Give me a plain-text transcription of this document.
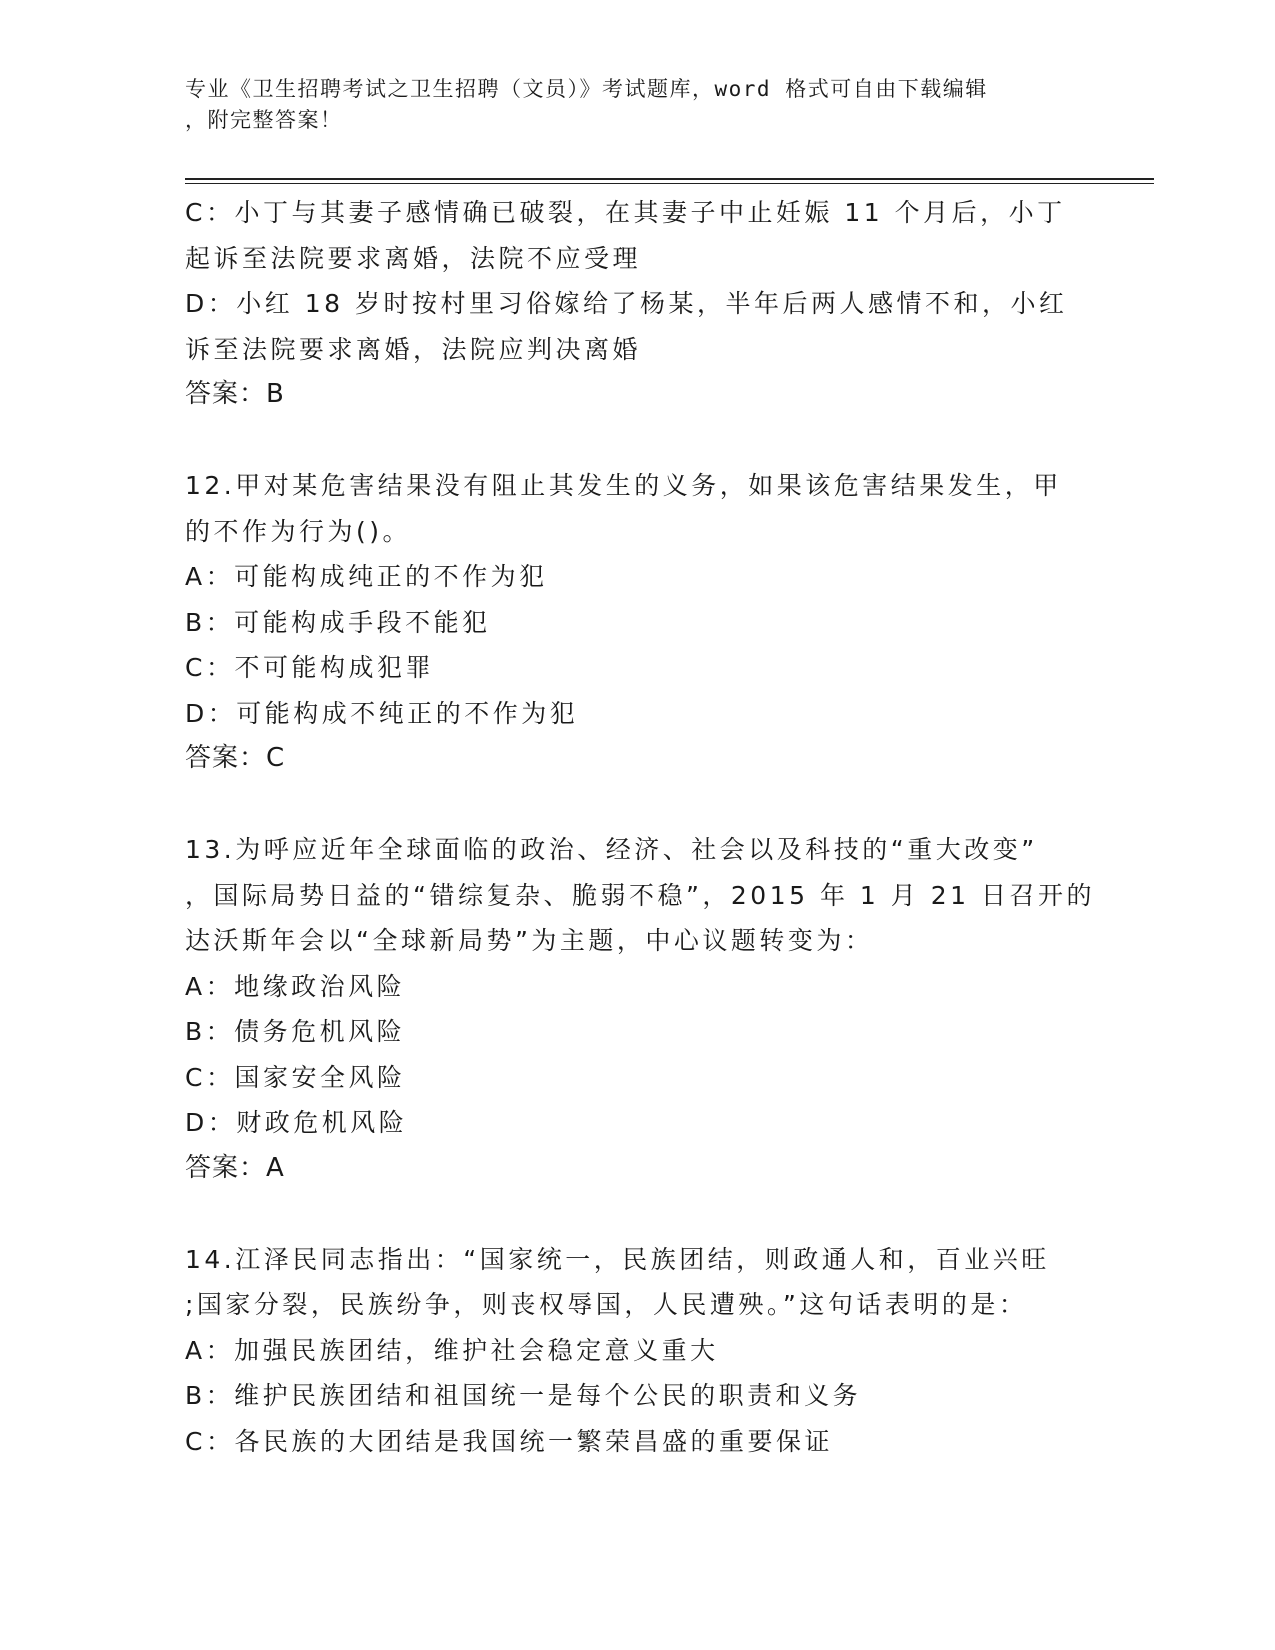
专业《卫生招聘考试之卫生招聘（文员）》考试题库，word 格式可自由下载编辑
，附完整答案！
C：小丁与其妻子感情确已破裂，在其妻子中止妊娠 11 个月后，小丁
起诉至法院要求离婚，法院不应受理
D：小红 18 岁时按村里习俗嫁给了杨某，半年后两人感情不和，小红
诉至法院要求离婚，法院应判决离婚
答案：B
12.甲对某危害结果没有阻止其发生的义务，如果该危害结果发生，甲
的不作为行为()。
A：可能构成纯正的不作为犯
B：可能构成手段不能犯
C：不可能构成犯罪
D：可能构成不纯正的不作为犯
答案：C
13.为呼应近年全球面临的政治、经济、社会以及科技的“重大改变”
，国际局势日益的“错综复杂、脆弱不稳”，2015 年 1 月 21 日召开的
达沃斯年会以“全球新局势”为主题，中心议题转变为：
A：地缘政治风险
B：债务危机风险
C：国家安全风险
D：财政危机风险
答案：A
14.江泽民同志指出：“国家统一，民族团结，则政通人和，百业兴旺
;国家分裂，民族纷争，则丧权辱国，人民遭殃。”这句话表明的是：
A：加强民族团结，维护社会稳定意义重大
B：维护民族团结和祖国统一是每个公民的职责和义务
C：各民族的大团结是我国统一繁荣昌盛的重要保证
